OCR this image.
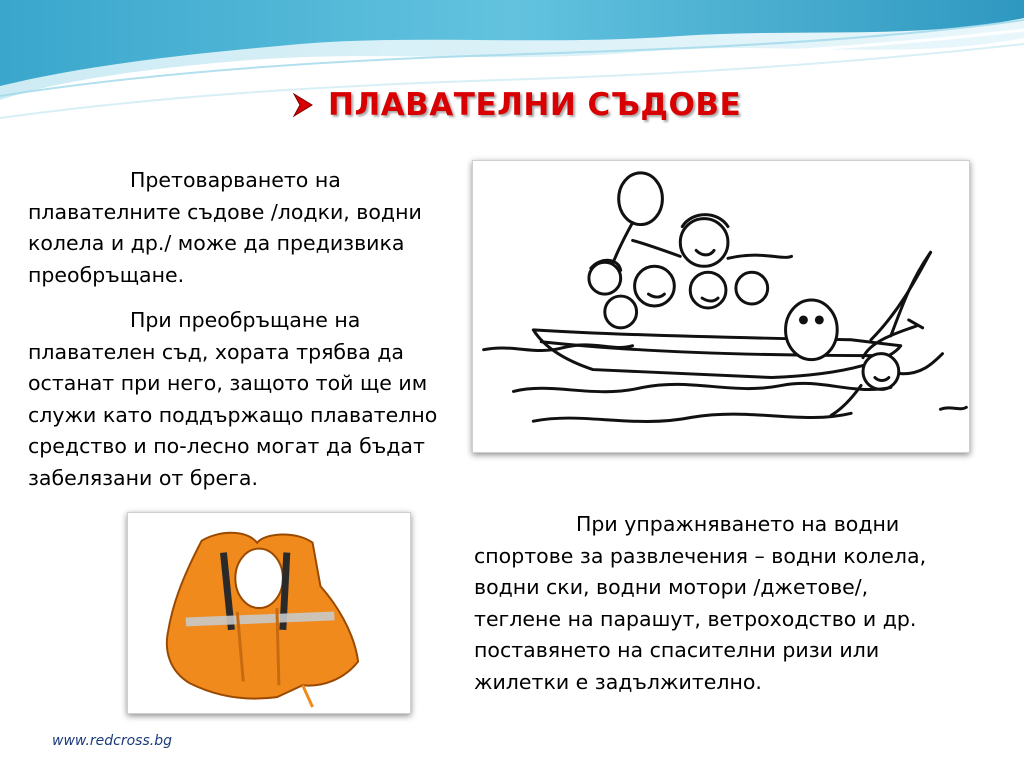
ПЛАВАТЕЛНИ СЪДОВЕ

Претоварването на плавателните съдове /лодки, водни колела и др./ може да предизвика преобръщане.

При преобръщане на плавателен съд, хората трябва да останат при него, защото той ще им служи като поддържащо плавателно средство и по-лесно могат да бъдат забелязани от брега.

При упражняването на водни спортове за развлечения – водни колела, водни ски, водни мотори /джетове/, теглене на парашут, ветроходство и др. поставянето на спасителни ризи или жилетки е задължително.

www.redcross.bg
